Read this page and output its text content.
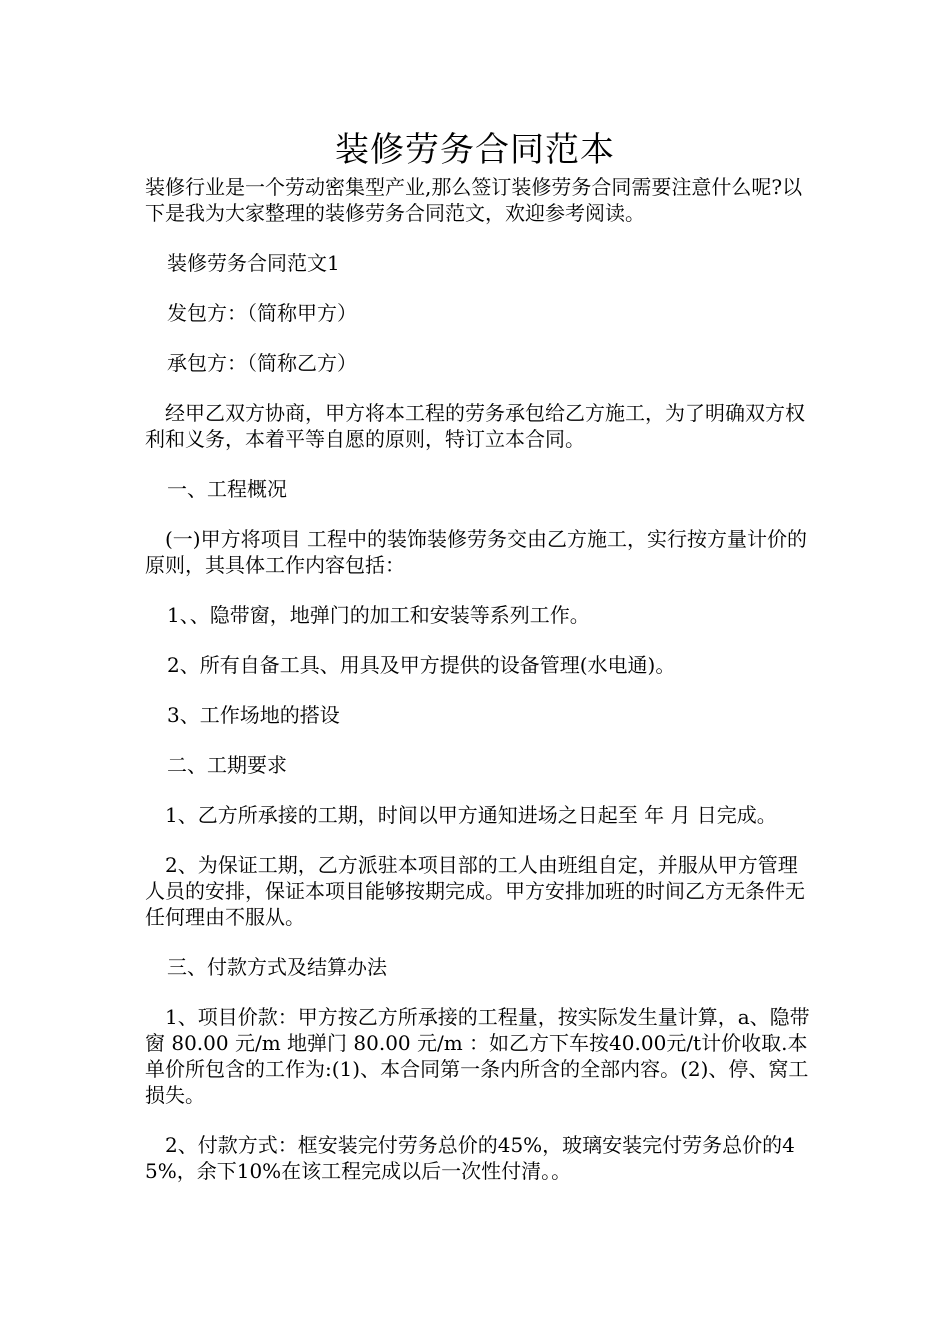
装修劳务合同范本

装修行业是一个劳动密集型产业,那么签订装修劳务合同需要注意什么呢?以下是我为大家整理的装修劳务合同范文，欢迎参考阅读。

装修劳务合同范文1

发包方：（简称甲方）

承包方：（简称乙方）

　经甲乙双方协商，甲方将本工程的劳务承包给乙方施工，为了明确双方权利和义务，本着平等自愿的原则，特订立本合同。

一、工程概况

　(一)甲方将项目 工程中的装饰装修劳务交由乙方施工，实行按方量计价的原则，其具体工作内容包括：

1、、隐带窗，地弹门的加工和安装等系列工作。

2、所有自备工具、用具及甲方提供的设备管理(水电通)。

3、工作场地的搭设

二、工期要求

　1、乙方所承接的工期，时间以甲方通知进场之日起至 年 月 日完成。

　2、为保证工期，乙方派驻本项目部的工人由班组自定，并服从甲方管理人员的安排，保证本项目能够按期完成。甲方安排加班的时间乙方无条件无任何理由不服从。

三、付款方式及结算办法

　1、项目价款：甲方按乙方所承接的工程量，按实际发生量计算，a、隐带窗 80.00 元/m 地弹门 80.00 元/m ：如乙方下车按40.00元/t计价收取.本单价所包含的工作为:(1)、本合同第一条内所含的全部内容。(2)、停、窝工损失。

　2、付款方式：框安装完付劳务总价的45%，玻璃安装完付劳务总价的45%，余下10%在该工程完成以后一次性付清。。
